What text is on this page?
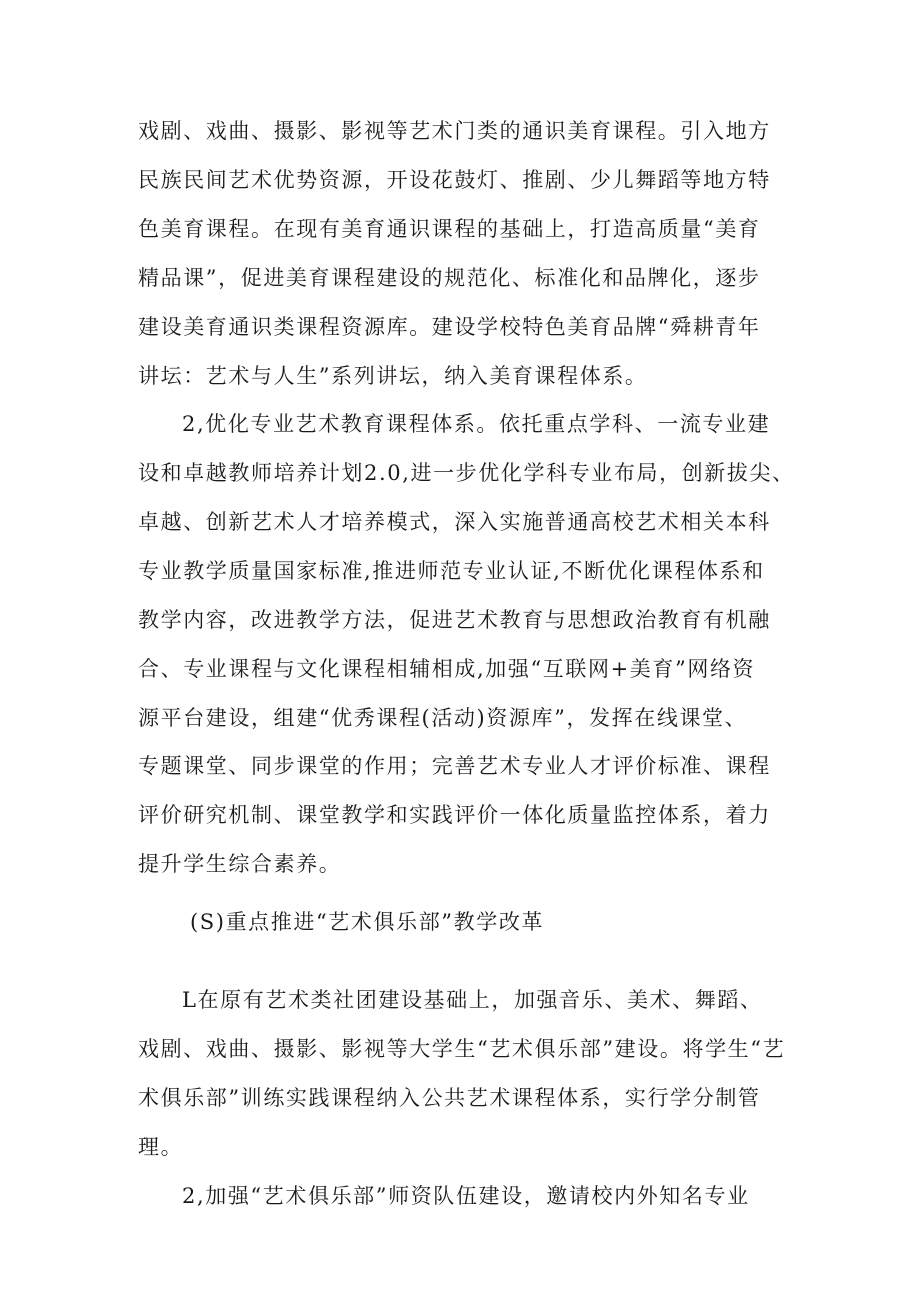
戏剧、戏曲、摄影、影视等艺术门类的通识美育课程。引入地方
民族民间艺术优势资源，开设花鼓灯、推剧、少儿舞蹈等地方特
色美育课程。在现有美育通识课程的基础上，打造高质量“美育
精品课”，促进美育课程建设的规范化、标准化和品牌化，逐步
建设美育通识类课程资源库。建设学校特色美育品牌“舜耕青年
讲坛：艺术与人生”系列讲坛，纳入美育课程体系。
2,优化专业艺术教育课程体系。依托重点学科、一流专业建
设和卓越教师培养计划2.0,进一步优化学科专业布局，创新拔尖、
卓越、创新艺术人才培养模式，深入实施普通高校艺术相关本科
专业教学质量国家标准,推进师范专业认证,不断优化课程体系和
教学内容，改进教学方法，促进艺术教育与思想政治教育有机融
合、专业课程与文化课程相辅相成,加强“互联网+美育”网络资
源平台建设，组建“优秀课程(活动)资源库”，发挥在线课堂、
专题课堂、同步课堂的作用；完善艺术专业人才评价标准、课程
评价研究机制、课堂教学和实践评价一体化质量监控体系，着力
提升学生综合素养。
(S)重点推进“艺术俱乐部”教学改革
L在原有艺术类社团建设基础上，加强音乐、美术、舞蹈、
戏剧、戏曲、摄影、影视等大学生“艺术俱乐部”建设。将学生“艺
术俱乐部”训练实践课程纳入公共艺术课程体系，实行学分制管
理。
2,加强“艺术俱乐部”师资队伍建设，邀请校内外知名专业
